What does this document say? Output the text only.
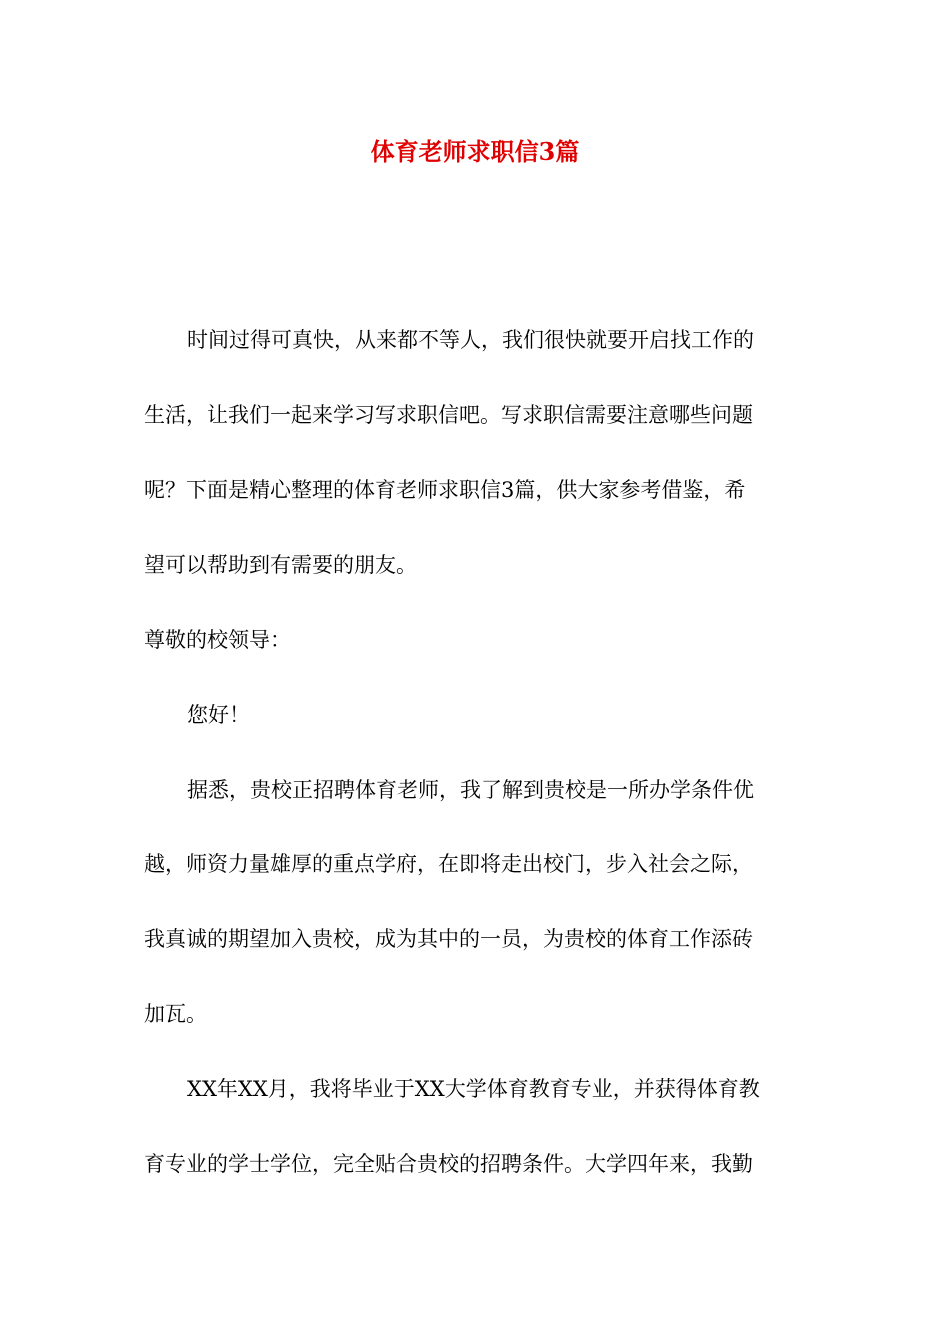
体育老师求职信3篇
时间过得可真快，从来都不等人，我们很快就要开启找工作的
生活，让我们一起来学习写求职信吧。写求职信需要注意哪些问题
呢？下面是精心整理的体育老师求职信3篇，供大家参考借鉴，希
望可以帮助到有需要的朋友。
尊敬的校领导：
您好！
据悉，贵校正招聘体育老师，我了解到贵校是一所办学条件优
越，师资力量雄厚的重点学府，在即将走出校门，步入社会之际，
我真诚的期望加入贵校，成为其中的一员，为贵校的体育工作添砖
加瓦。
XX年XX月，我将毕业于XX大学体育教育专业，并获得体育教
育专业的学士学位，完全贴合贵校的招聘条件。大学四年来，我勤
